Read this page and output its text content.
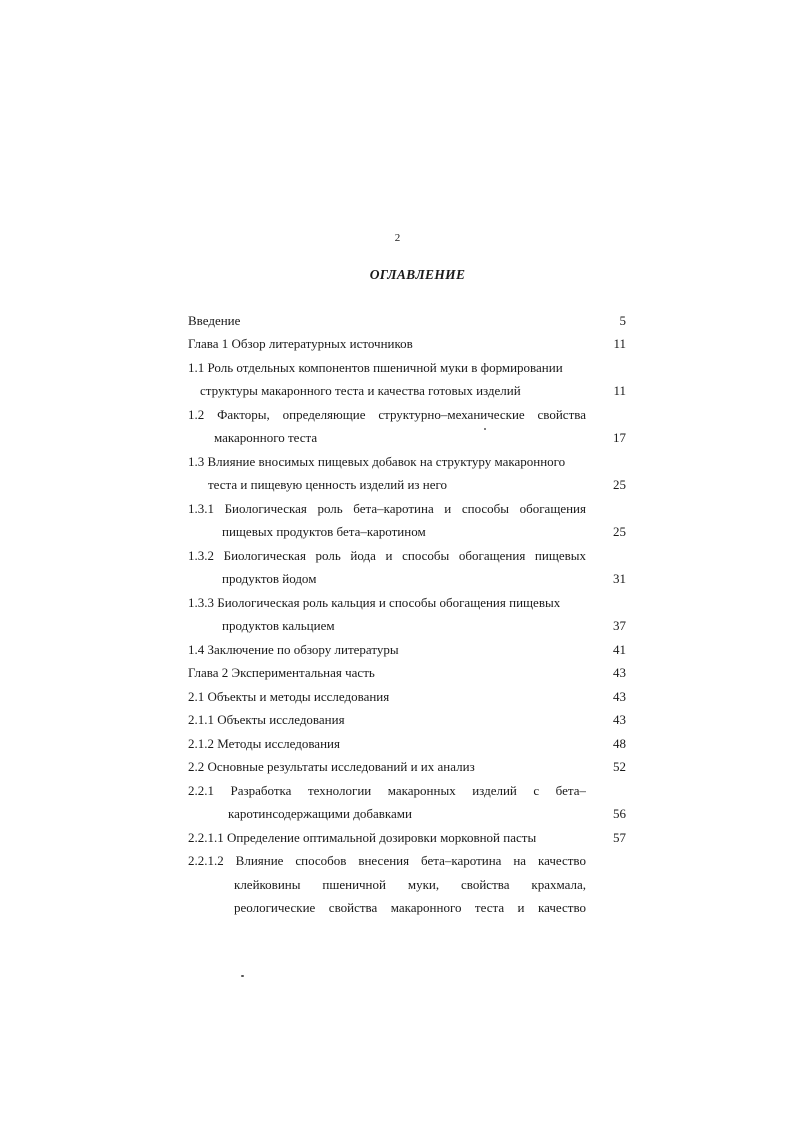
2
ОГЛАВЛЕНИЕ
Введение	5
Глава 1 Обзор литературных источников	11
1.1 Роль отдельных компонентов пшеничной муки в формировании
структуры макаронного теста и качества готовых изделий	11
1.2 Факторы, определяющие структурно–механические свойства
макаронного теста	17
1.3 Влияние вносимых пищевых добавок на структуру макаронного
теста и пищевую ценность изделий из него	25
1.3.1 Биологическая роль бета–каротина и способы обогащения
пищевых продуктов бета–каротином	25
1.3.2 Биологическая роль йода и способы обогащения пищевых
продуктов йодом	31
1.3.3 Биологическая роль кальция и способы обогащения пищевых
продуктов кальцием	37
1.4 Заключение по обзору литературы	41
Глава 2 Экспериментальная часть	43
2.1 Объекты и методы исследования	43
2.1.1 Объекты исследования	43
2.1.2 Методы исследования	48
2.2 Основные результаты исследований и их анализ	52
2.2.1 Разработка технологии макаронных изделий с бета–
каротинсодержащими добавками	56
2.2.1.1 Определение оптимальной дозировки морковной пасты	57
2.2.1.2 Влияние способов внесения бета–каротина на качество
клейковины пшеничной муки, свойства крахмала,
реологические свойства макаронного теста и качество
